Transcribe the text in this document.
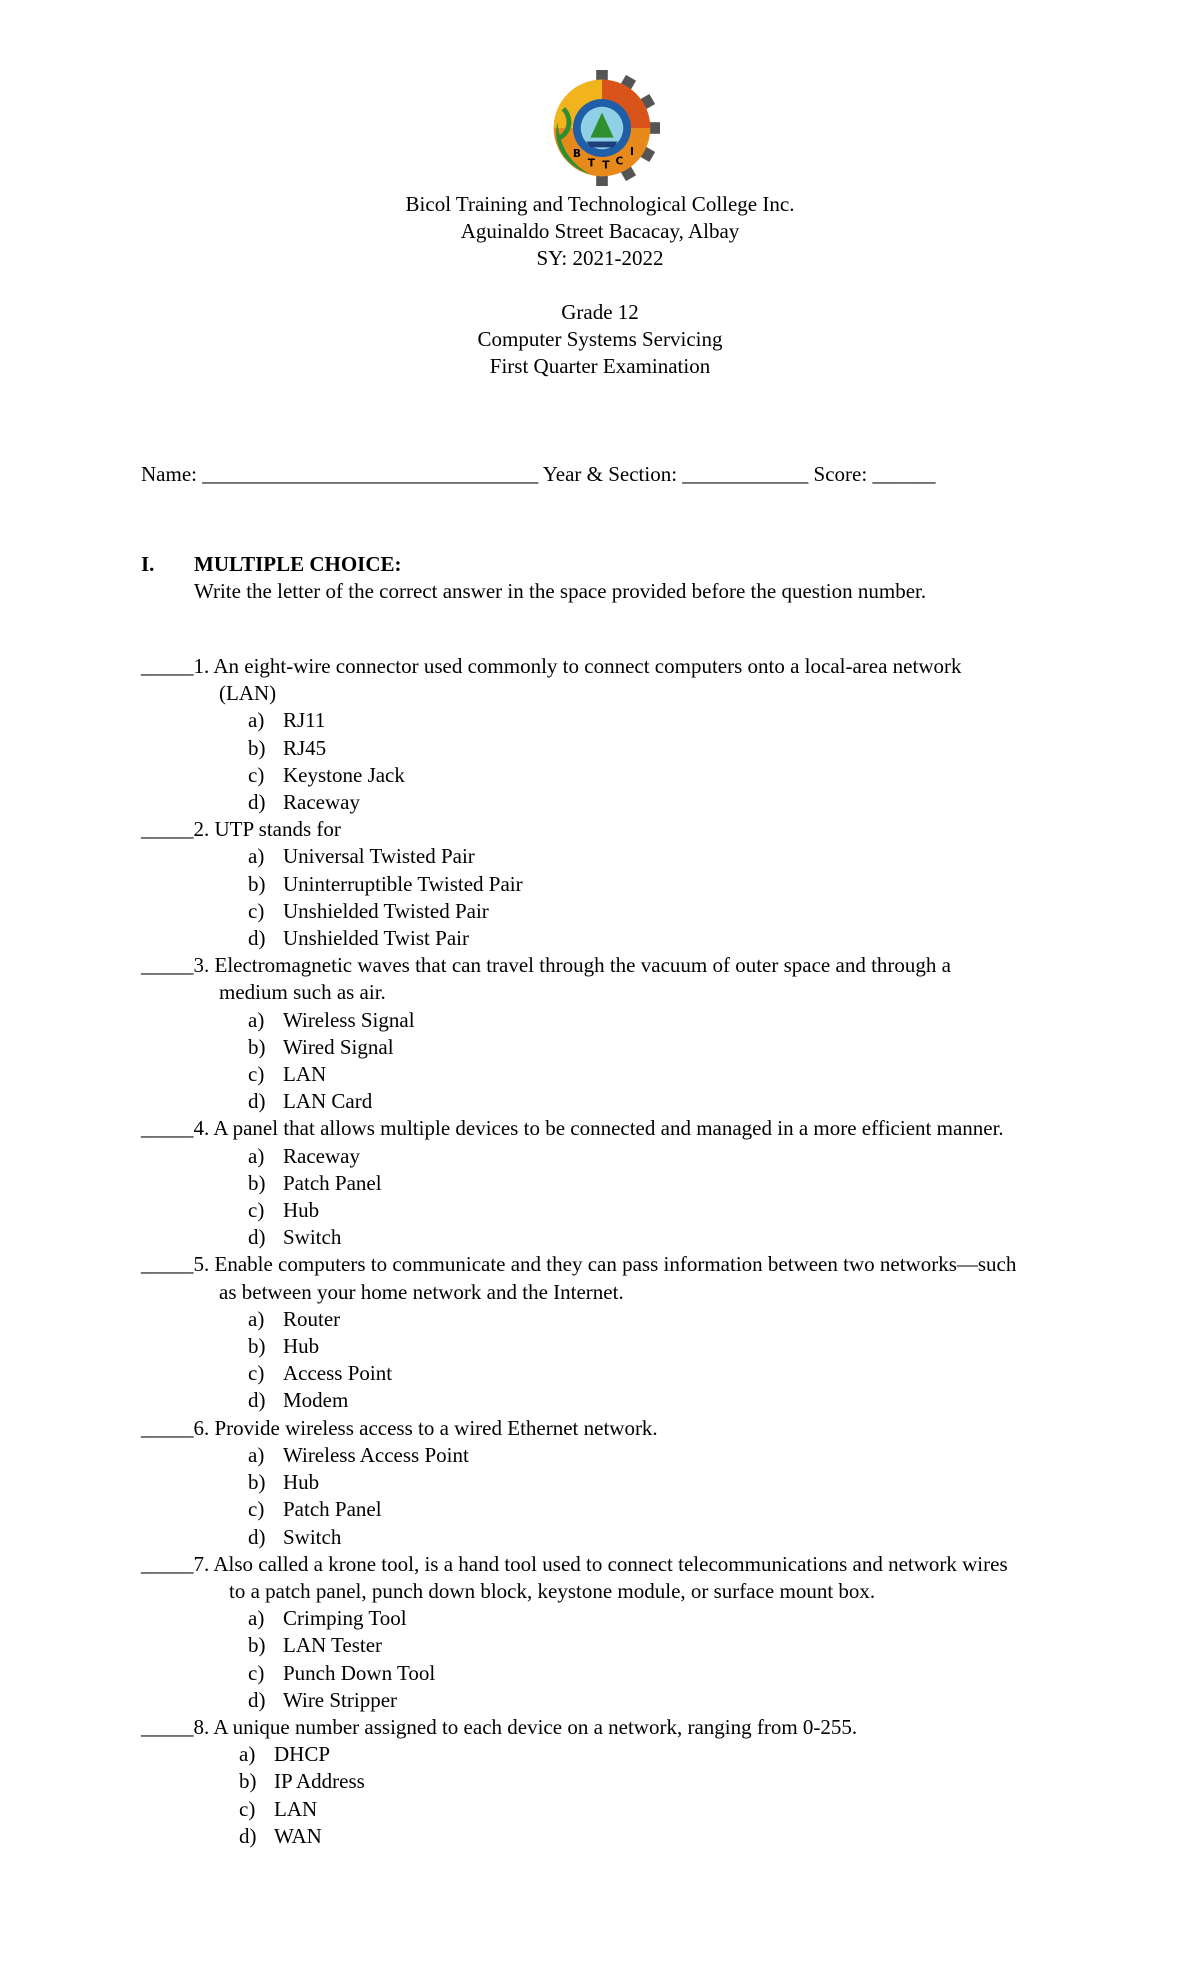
B
T T C
I

Bicol Training and Technological College Inc.

Aguinaldo Street Bacacay, Albay

SY: 2021-2022

Grade 12

Computer Systems Servicing

First Quarter Examination

Name: ________________________________ Year & Section: ____________ Score: ______
I. MULTIPLE CHOICE:
Write the letter of the correct answer in the space provided before the question number.

_____1. An eight-wire connector used commonly to connect computers onto a local-area network

(LAN)

a) RJ11

b) RJ45

c) Keystone Jack

d) Raceway

_____2. UTP stands for

a) Universal Twisted Pair

b) Uninterruptible Twisted Pair

c) Unshielded Twisted Pair

d) Unshielded Twist Pair

_____3. Electromagnetic waves that can travel through the vacuum of outer space and through a

medium such as air.

a) Wireless Signal

b) Wired Signal

c) LAN

d) LAN Card

_____4. A panel that allows multiple devices to be connected and managed in a more efficient manner.

a) Raceway

b) Patch Panel

c) Hub

d) Switch

_____5. Enable computers to communicate and they can pass information between two networks—such

as between your home network and the Internet.

a) Router

b) Hub

c) Access Point

d) Modem

_____6. Provide wireless access to a wired Ethernet network.

a) Wireless Access Point

b) Hub

c) Patch Panel

d) Switch

_____7. Also called a krone tool, is a hand tool used to connect telecommunications and network wires

to a patch panel, punch down block, keystone module, or surface mount box.

a) Crimping Tool

b) LAN Tester

c) Punch Down Tool

d) Wire Stripper

_____8. A unique number assigned to each device on a network, ranging from 0-255.

a) DHCP

b) IP Address

c) LAN

d) WAN
